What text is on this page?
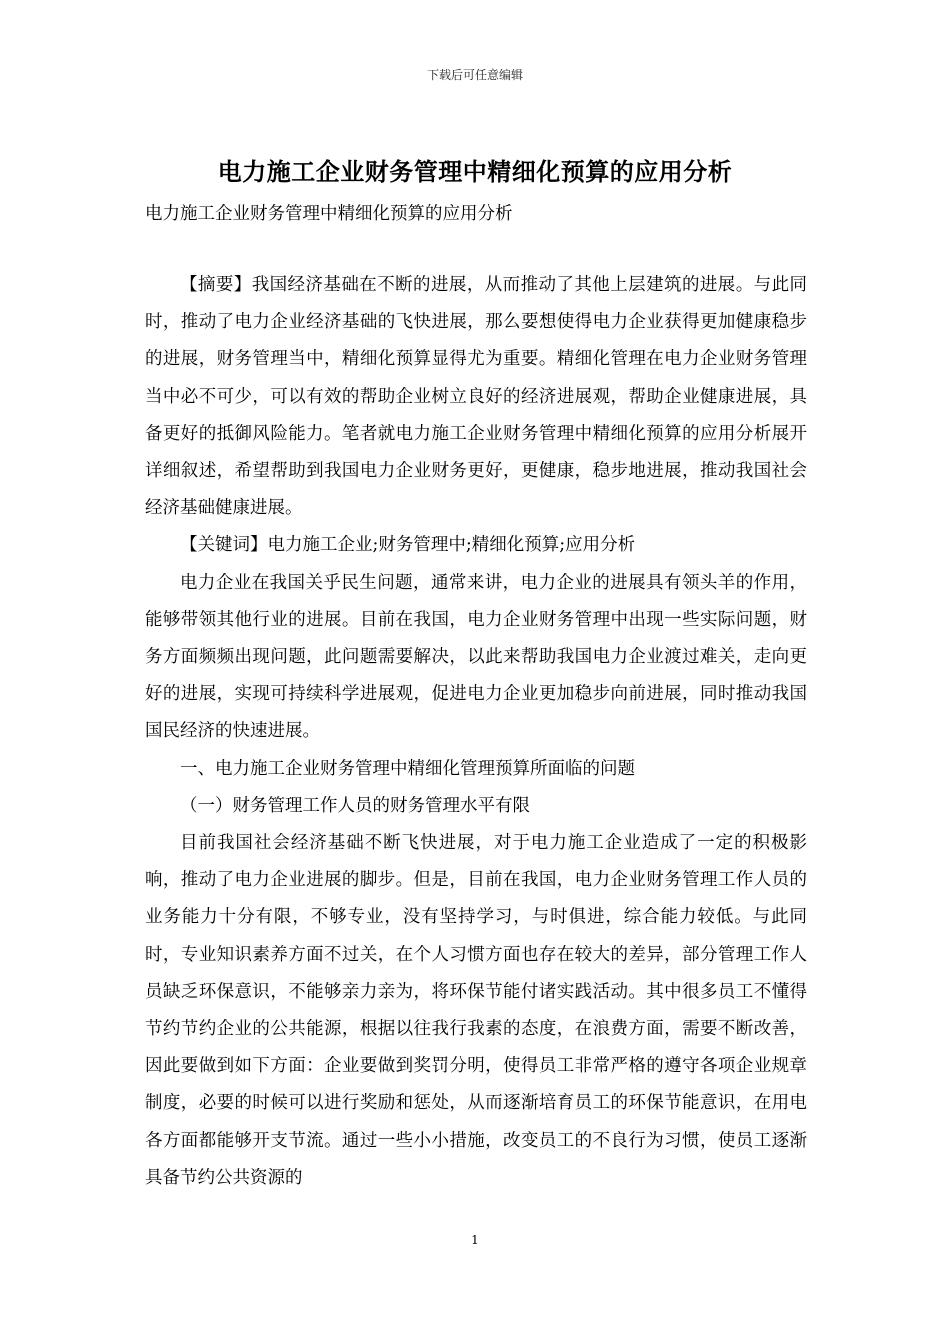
下载后可任意编辑
电力施工企业财务管理中精细化预算的应用分析
电力施工企业财务管理中精细化预算的应用分析

【摘要】我国经济基础在不断的进展，从而推动了其他上层建筑的进展。与此同时，推动了电力企业经济基础的飞快进展，那么要想使得电力企业获得更加健康稳步的进展，财务管理当中，精细化预算显得尤为重要。精细化管理在电力企业财务管理当中必不可少，可以有效的帮助企业树立良好的经济进展观，帮助企业健康进展，具备更好的抵御风险能力。笔者就电力施工企业财务管理中精细化预算的应用分析展开详细叙述，希望帮助到我国电力企业财务更好，更健康，稳步地进展，推动我国社会经济基础健康进展。

【关键词】电力施工企业;财务管理中;精细化预算;应用分析

电力企业在我国关乎民生问题，通常来讲，电力企业的进展具有领头羊的作用，能够带领其他行业的进展。目前在我国，电力企业财务管理中出现一些实际问题，财务方面频频出现问题，此问题需要解决，以此来帮助我国电力企业渡过难关，走向更好的进展，实现可持续科学进展观，促进电力企业更加稳步向前进展，同时推动我国国民经济的快速进展。

一、电力施工企业财务管理中精细化管理预算所面临的问题

（一）财务管理工作人员的财务管理水平有限

目前我国社会经济基础不断飞快进展，对于电力施工企业造成了一定的积极影响，推动了电力企业进展的脚步。但是，目前在我国，电力企业财务管理工作人员的业务能力十分有限，不够专业，没有坚持学习，与时俱进，综合能力较低。与此同时，专业知识素养方面不过关，在个人习惯方面也存在较大的差异，部分管理工作人员缺乏环保意识，不能够亲力亲为，将环保节能付诸实践活动。其中很多员工不懂得节约节约企业的公共能源，根据以往我行我素的态度，在浪费方面，需要不断改善，因此要做到如下方面：企业要做到奖罚分明，使得员工非常严格的遵守各项企业规章制度，必要的时候可以进行奖励和惩处，从而逐渐培育员工的环保节能意识，在用电各方面都能够开支节流。通过一些小小措施，改变员工的不良行为习惯，使员工逐渐具备节约公共资源的

1
